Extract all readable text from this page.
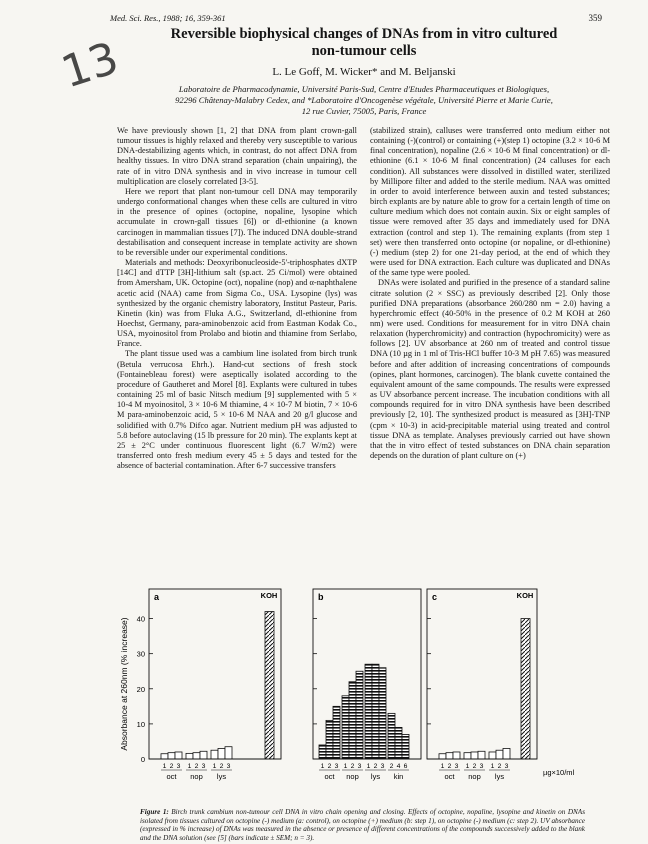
Med. Sci. Res., 1988; 16, 359-361	359
13	Reversible biophysical changes of DNAs from in vitro cultured
non-tumour cells
L. Le Goff, M. Wicker* and M. Beljanski
Laboratoire de Pharmacodynamie, Université Paris-Sud, Centre d'Etudes Pharmaceutiques et Biologiques,
92296 Châtenay-Malabry Cedex, and *Laboratoire d'Oncogenèse végétale, Université Pierre et Marie Curie,
12 rue Cuvier, 75005, Paris, France

We have previously shown [1, 2] that DNA from plant crown-gall tumour tissues is highly relaxed and thereby very susceptible to various DNA-destabilizing agents which, in contrast, do not affect DNA from healthy tissues. In vitro DNA strand separation (chain unpairing), the rate of in vitro DNA synthesis and in vivo increase in tumour cell multiplication are closely correlated [3-5].

Here we report that plant non-tumour cell DNA may temporarily undergo conformational changes when these cells are cultured in vitro in the presence of opines (octopine, nopaline, lysopine which accumulate in crown-gall tissues [6]) or dl-ethionine (a known carcinogen in mammalian tissues [7]). The induced DNA double-strand destabilisation and consequent increase in template activity are shown to be reversible under our experimental conditions.

Materials and methods: Deoxyribonucleoside-5'-triphosphates dXTP [14C] and dTTP [3H]-lithium salt (sp.act. 25 Ci/mol) were obtained from Amersham, UK. Octopine (oct), nopaline (nop) and α-naphthalene acetic acid (NAA) came from Sigma Co., USA. Lysopine (lys) was synthesized by the organic chemistry laboratory, Institut Pasteur, Paris. Kinetin (kin) was from Fluka A.G., Switzerland, dl-ethionine from Hoechst, Germany, para-aminobenzoic acid from Eastman Kodak Co., USA, myoinositol from Prolabo and biotin and thiamine from Serlabo, France.

The plant tissue used was a cambium line isolated from birch trunk (Betula verrucosa Ehrh.). Hand-cut sections of fresh stock (Fontainebleau forest) were aseptically isolated according to the procedure of Gautheret and Morel [8]. Explants were cultured in tubes containing 25 ml of basic Nitsch medium [9] supplemented with 5 × 10-4 M myoinositol, 3 × 10-6 M thiamine, 4 × 10-7 M biotin, 7 × 10-6 M para-aminobenzoic acid, 5 × 10-6 M NAA and 20 g/l glucose and solidified with 0.7% Difco agar. Nutrient medium pH was adjusted to 5.8 before autoclaving (15 lb pressure for 20 min). The explants kept at 25 ± 2°C under continuous fluorescent light (6.7 W/m2) were transferred onto fresh medium every 45 ± 5 days and tested for the absence of bacterial contamination. After 6-7 successive transfers

(stabilized strain), calluses were transferred onto medium either not containing (-)(control) or containing (+)(step 1) octopine (3.2 × 10-6 M final concentration), nopaline (2.6 × 10-6 M final concentration) or dl-ethionine (6.1 × 10-6 M final concentration) (24 calluses for each condition). All substances were dissolved in distilled water, sterilized by Millipore filter and added to the sterile medium. NAA was omitted in order to avoid interference between auxin and tested substances; birch explants are by nature able to grow for a certain length of time on culture medium which does not contain auxin. Six or eight samples of tissue were removed after 35 days and immediately used for DNA extraction (control and step 1). The remaining explants (from step 1 set) were then transferred onto octopine (or nopaline, or dl-ethionine) (-) medium (step 2) for one 21-day period, at the end of which they were used for DNA extraction. Each culture was duplicated and DNAs of the same type were pooled.

DNAs were isolated and purified in the presence of a standard saline citrate solution (2 × SSC) as previously described [2]. Only those purified DNA preparations (absorbance 260/280 nm = 2.0) having a hyperchromic effect (40-50% in the presence of 0.2 M KOH at 260 nm) were used. Conditions for measurement for in vitro DNA chain relaxation (hyperchromicity) and contraction (hypochromicity) were as follows [2]. UV absorbance at 260 nm of treated and control tissue DNA (10 µg in 1 ml of Tris-HCl buffer 10-3 M pH 7.65) was measured before and after addition of increasing concentrations of compounds (opines, plant hormones, carcinogen). The blank cuvette contained the equivalent amount of the same compounds. The results were expressed as UV absorbance percent increase. The incubation conditions with all compounds required for in vitro DNA synthesis have been described previously [2, 10]. The synthesized product is measured as [3H]-TNP (cpm × 10-3) in acid-precipitable material using treated and control tissue DNA as template. Analyses previously carried out have shown that the in vitro effect of tested substances on DNA chain separation depends on the duration of plant culture on (+)

Absorbance at 260nm (% increase)
a
0
10
20
30
40
1 2 3
oct
1 2 3
nop
1 2 3
lys
KOH	b
1 2 3
oct
1 2 3
nop
1 2 3
lys
2 4 6
kin
c
1 2 3
oct
1 2 3
nop
1 2 3
lys
KOH
µg×10/ml
Figure 1: Birch trunk cambium non-tumour cell DNA in vitro chain opening and closing. Effects of octopine, nopaline, lysopine and kinetin on DNAs isolated from tissues cultured on octopine (-) medium (a: control), on octopine (+) medium (b: step 1), on octopine (-) medium (c: step 2). UV absorbance (expressed in % increase) of DNAs was measured in the absence or presence of different concentrations of the compounds successively added to the blank and the DNA solution (see [5] (bars indicate ± SEM; n = 3).
